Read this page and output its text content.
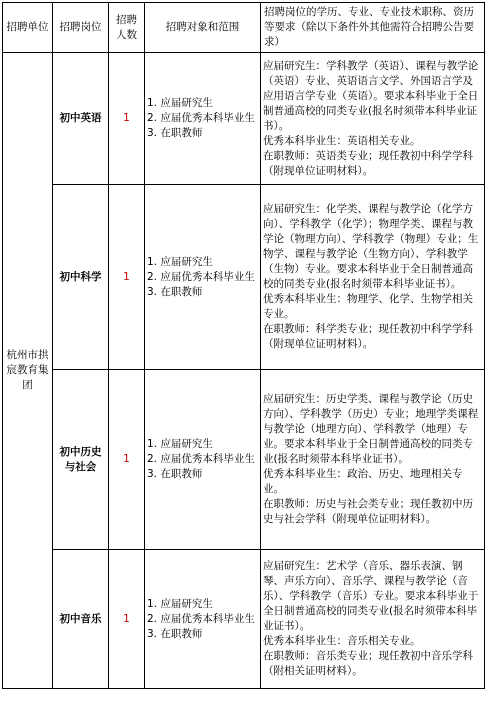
招聘单位	招聘岗位	招聘人数	招聘对象和范围	招聘岗位的学历、专业、专业技术职称、资历等要求（除以下条件外其他需符合招聘公告要求）
杭州市拱宸教育集团	初中英语	1	1. 应届研究生
2. 应届优秀本科毕业生
3. 在职教师	应届研究生：学科教学（英语）、课程与教学论（英语）专业、英语语言文学、外国语言学及应用语言学专业（英语）。要求本科毕业于全日制普通高校的同类专业(报名时须带本科毕业证书）。
优秀本科毕业生：英语相关专业。
在职教师：英语类专业；现任教初中科学学科（附现单位证明材料）。

	初中科学	1	1. 应届研究生
2. 应届优秀本科毕业生
3. 在职教师	应届研究生：化学类、课程与教学论（化学方向）、学科教学（化学）；物理学类、课程与教学论（物理方向）、学科教学（物理）专业；生物学、课程与教学论（生物方向）、学科教学（生物）专业。要求本科毕业于全日制普通高校的同类专业(报名时须带本科毕业证书）。
优秀本科毕业生：物理学、化学、生物学相关专业。
在职教师：科学类专业；现任教初中科学学科（附现单位证明材料）。

	初中历史与社会	1	1. 应届研究生
2. 应届优秀本科毕业生
3. 在职教师	应届研究生：历史学类、课程与教学论（历史方向）、学科教学（历史）专业；地理学类课程与教学论（地理方向）、学科教学（地理）专业。要求本科毕业于全日制普通高校的同类专业(报名时须带本科毕业证书）。
优秀本科毕业生：政治、历史、地理相关专业。
在职教师：历史与社会类专业；现任教初中历史与社会学科（附现单位证明材料）。

	初中音乐	1	1. 应届研究生
2. 应届优秀本科毕业生
3. 在职教师	应届研究生：艺术学（音乐、器乐表演、钢琴、声乐方向）、音乐学、课程与教学论（音乐）、学科教学（音乐）专业。要求本科毕业于全日制普通高校的同类专业(报名时须带本科毕业证书）。
优秀本科毕业生：音乐相关专业。
在职教师：音乐类专业；现任教初中音乐学科（附相关证明材料）。
